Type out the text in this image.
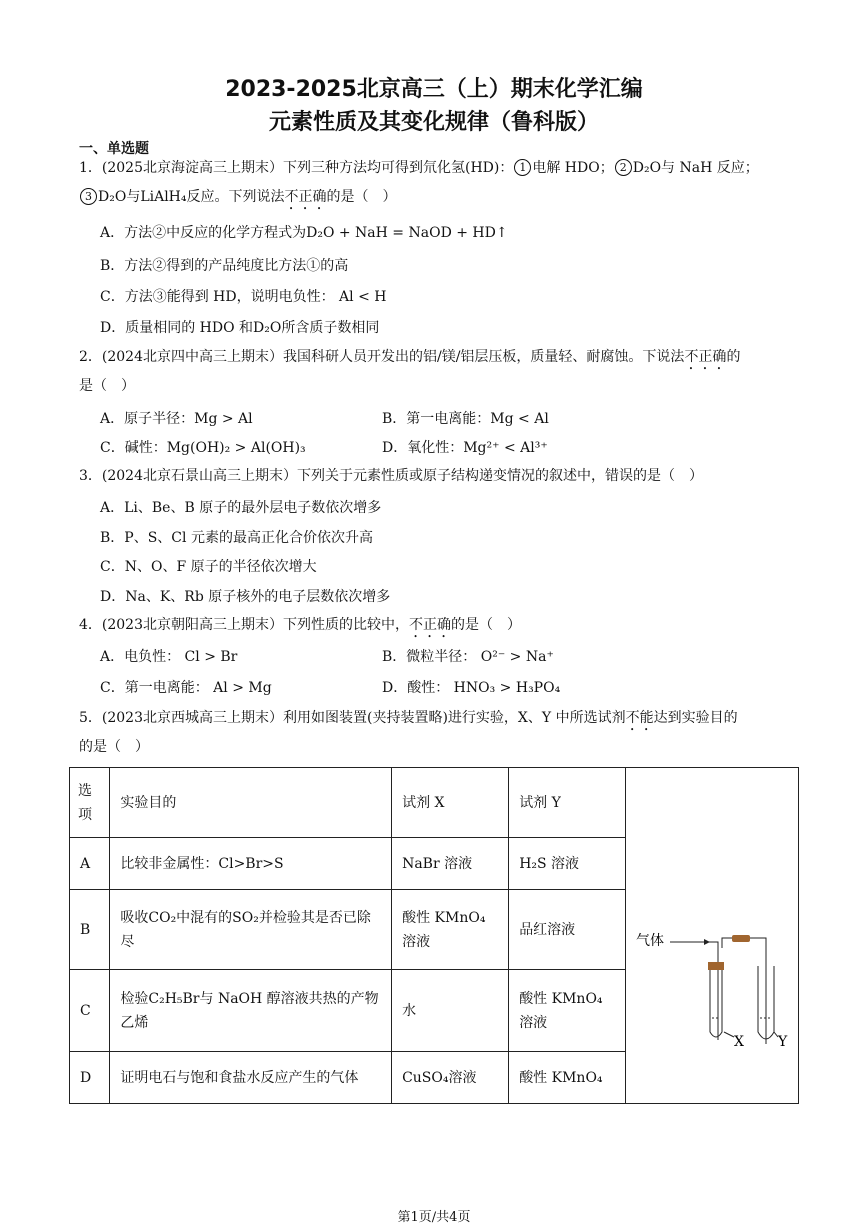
2023-2025北京高三（上）期末化学汇编
元素性质及其变化规律（鲁科版）
一、单选题
1．(2025北京海淀高三上期末）下列三种方法均可得到氘化氢(HD)： 1 电解 HDO； 2 D₂O与 NaH 反应；
3 D₂O与LiAlH₄反应。下列说法不正确的是（　）
A．方法②中反应的化学方程式为D₂O + NaH = NaOD + HD↑
B．方法②得到的产品纯度比方法①的高
C．方法③能得到 HD，说明电负性： Al < H
D．质量相同的 HDO 和D₂O所含质子数相同
2．(2024北京四中高三上期末）我国科研人员开发出的铝/镁/铝层压板，质量轻、耐腐蚀。下说法不正确的
是（　）
A．原子半径：Mg > Al	B．第一电离能：Mg < Al
C．碱性：Mg(OH)₂ > Al(OH)₃	D．氧化性：Mg²⁺ < Al³⁺
3．(2024北京石景山高三上期末）下列关于元素性质或原子结构递变情况的叙述中，错误的是（　）
A．Li、Be、B 原子的最外层电子数依次增多
B．P、S、Cl 元素的最高正化合价依次升高
C．N、O、F 原子的半径依次增大
D．Na、K、Rb 原子核外的电子层数依次增多
4．(2023北京朝阳高三上期末）下列性质的比较中，不正确的是（　）
A．电负性： Cl > Br	B．微粒半径： O²⁻ > Na⁺
C．第一电离能： Al > Mg	D．酸性： HNO₃ > H₃PO₄
5．(2023北京西城高三上期末）利用如图装置(夹持装置略)进行实验，X、Y 中所选试剂不能达到实验目的
的是（　）
选项	实验目的	试剂 X	试剂 Y	气体
X Y

A	比较非金属性：Cl>Br>S	NaBr 溶液	H₂S 溶液	
B	吸收CO₂中混有的SO₂并检验其是否已除尽	酸性 KMnO₄溶液	品红溶液	
C	检验C₂H₅Br与 NaOH 醇溶液共热的产物乙烯	水	酸性 KMnO₄溶液	
D	证明电石与饱和食盐水反应产生的气体	CuSO₄溶液	酸性 KMnO₄	
第1页/共4页
